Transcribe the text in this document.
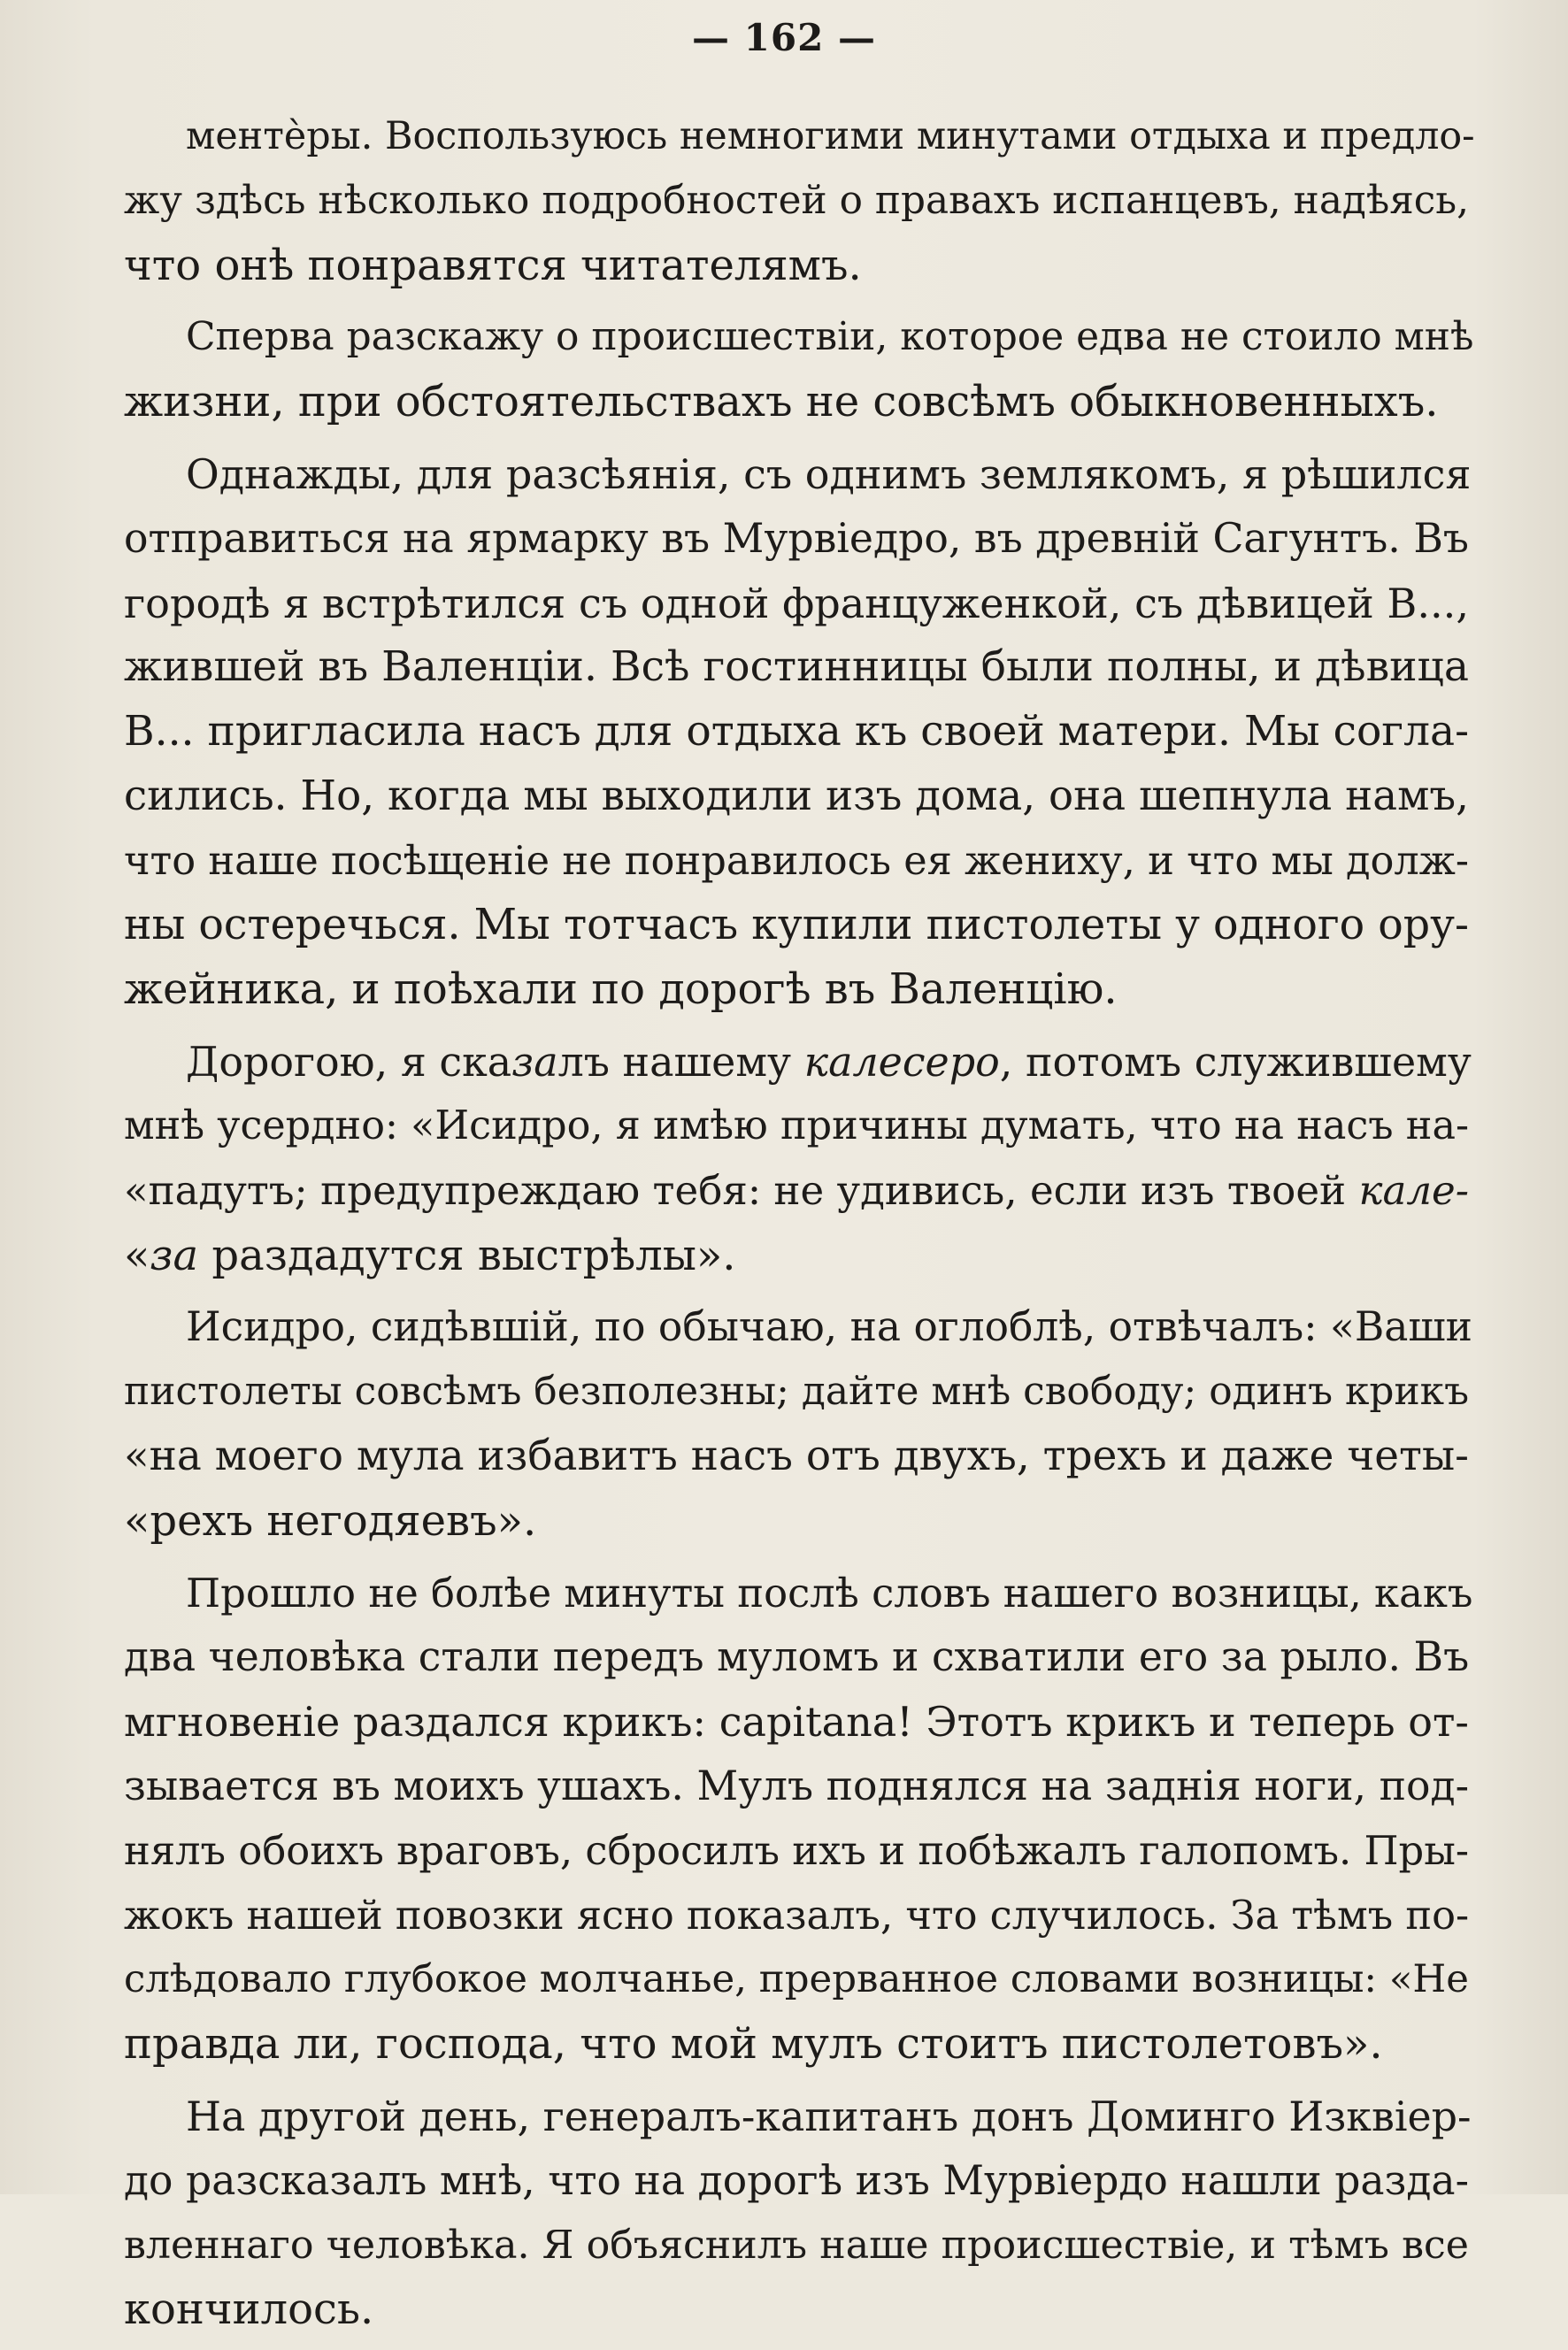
— 162 —
ментѐры. Воспользуюсь немногими минутами отдыха и предло-
жу здѣсь нѣсколько подробностей о правахъ испанцевъ, надѣясь,
что онѣ понравятся читателямъ.
Сперва разскажу о происшествіи, которое едва не стоило мнѣ
жизни, при обстоятельствахъ не совсѣмъ обыкновенныхъ.
Однажды, для разсѣянія, съ однимъ землякомъ, я рѣшился
отправиться на ярмарку въ Мурвіедро, въ древній Сагунтъ. Въ
городѣ я встрѣтился съ одной француженкой, съ дѣвицей В...,
жившей въ Валенціи. Всѣ гостинницы были полны, и дѣвица
В... пригласила насъ для отдыха къ своей матери. Мы согла-
сились. Но, когда мы выходили изъ дома, она шепнула намъ,
что наше посѣщеніе не понравилось ея жениху, и что мы долж-
ны остеречься. Мы тотчасъ купили пистолеты у одного ору-
жейника, и поѣхали по дорогѣ въ Валенцію.
Дорогою, я сказалъ нашему калесеро, потомъ служившему
мнѣ усердно: «Исидро, я имѣю причины думать, что на насъ на-
«падутъ; предупреждаю тебя: не удивись, если изъ твоей кале-
«за раздадутся выстрѣлы».
Исидро, сидѣвшій, по обычаю, на оглоблѣ, отвѣчалъ: «Ваши
пистолеты совсѣмъ безполезны; дайте мнѣ свободу; одинъ крикъ
«на моего мула избавитъ насъ отъ двухъ, трехъ и даже четы-
«рехъ негодяевъ».
Прошло не болѣе минуты послѣ словъ нашего возницы, какъ
два человѣка стали передъ муломъ и схватили его за рыло. Въ
мгновеніе раздался крикъ: capitana! Этотъ крикъ и теперь от-
зывается въ моихъ ушахъ. Мулъ поднялся на заднія ноги, под-
нялъ обоихъ враговъ, сбросилъ ихъ и побѣжалъ галопомъ. Пры-
жокъ нашей повозки ясно показалъ, что случилось. За тѣмъ по-
слѣдовало глубокое молчанье, прерванное словами возницы: «Не
правда ли, господа, что мой мулъ стоитъ пистолетовъ».
На другой день, генералъ-капитанъ донъ Доминго Изквіер-
до разсказалъ мнѣ, что на дорогѣ изъ Мурвіердо нашли разда-
вленнаго человѣка. Я объяснилъ наше происшествіе, и тѣмъ все
кончилось.
